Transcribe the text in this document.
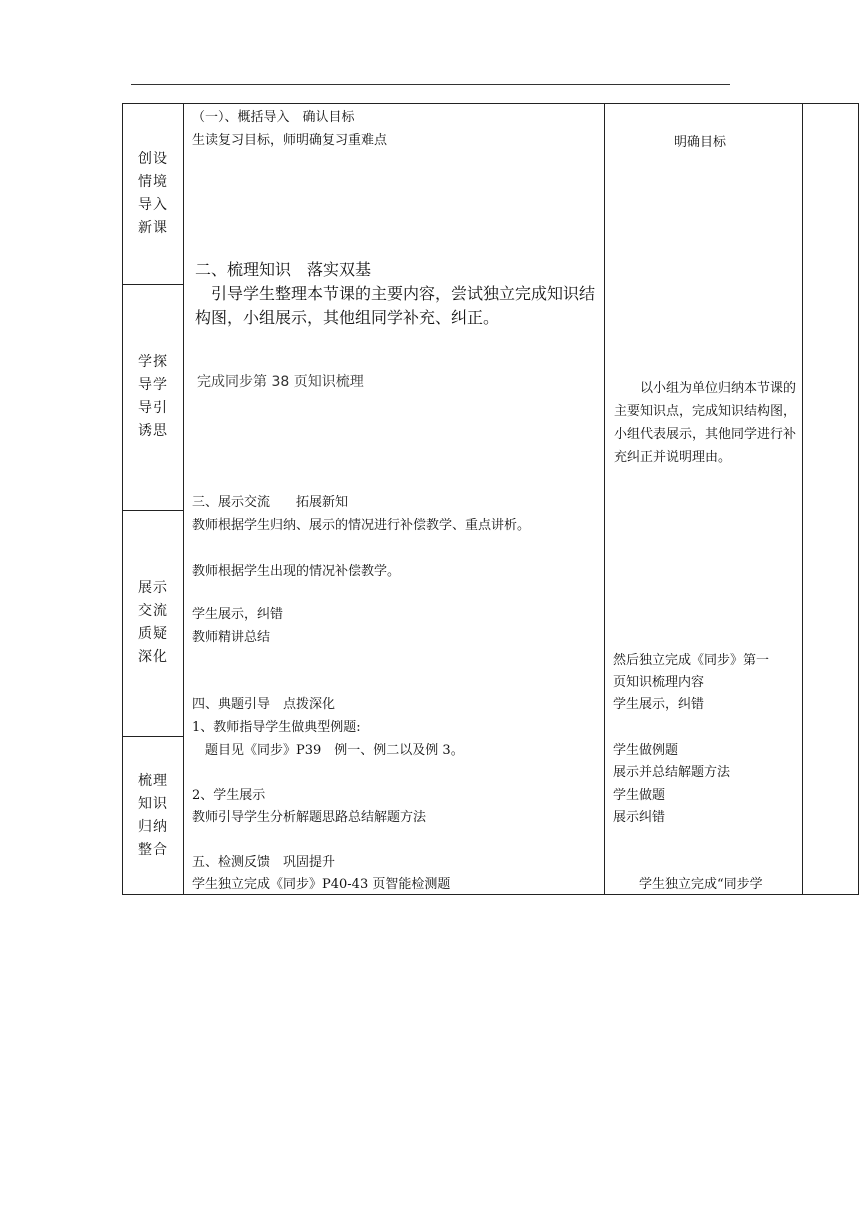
创设
情境
导入
新课
学探
导学
导引
诱思
展示
交流
质疑
深化
梳理
知识
归纳
整合
（一）、概括导入　确认目标
生读复习目标，师明确复习重难点
二、梳理知识　落实双基
　引导学生整理本节课的主要内容，尝试独立完成知识结构图，小组展示，其他组同学补充、纠正。
完成同步第 38 页知识梳理
三、展示交流　　拓展新知
教师根据学生归纳、展示的情况进行补偿教学、重点讲析。
教师根据学生出现的情况补偿教学。
学生展示，纠错
教师精讲总结
四、典题引导　点拨深化
1、教师指导学生做典型例题:
　题目见《同步》P39　例一、例二以及例 3。
2、学生展示
教师引导学生分析解题思路总结解题方法
五、检测反馈　巩固提升
学生独立完成《同步》P40-43 页智能检测题
明确目标
　　以小组为单位归纳本节课的主要知识点，完成知识结构图，小组代表展示，其他同学进行补充纠正并说明理由。
然后独立完成《同步》第一
页知识梳理内容
学生展示，纠错
学生做例题
展示并总结解题方法
学生做题
展示纠错
　　学生独立完成“同步学
